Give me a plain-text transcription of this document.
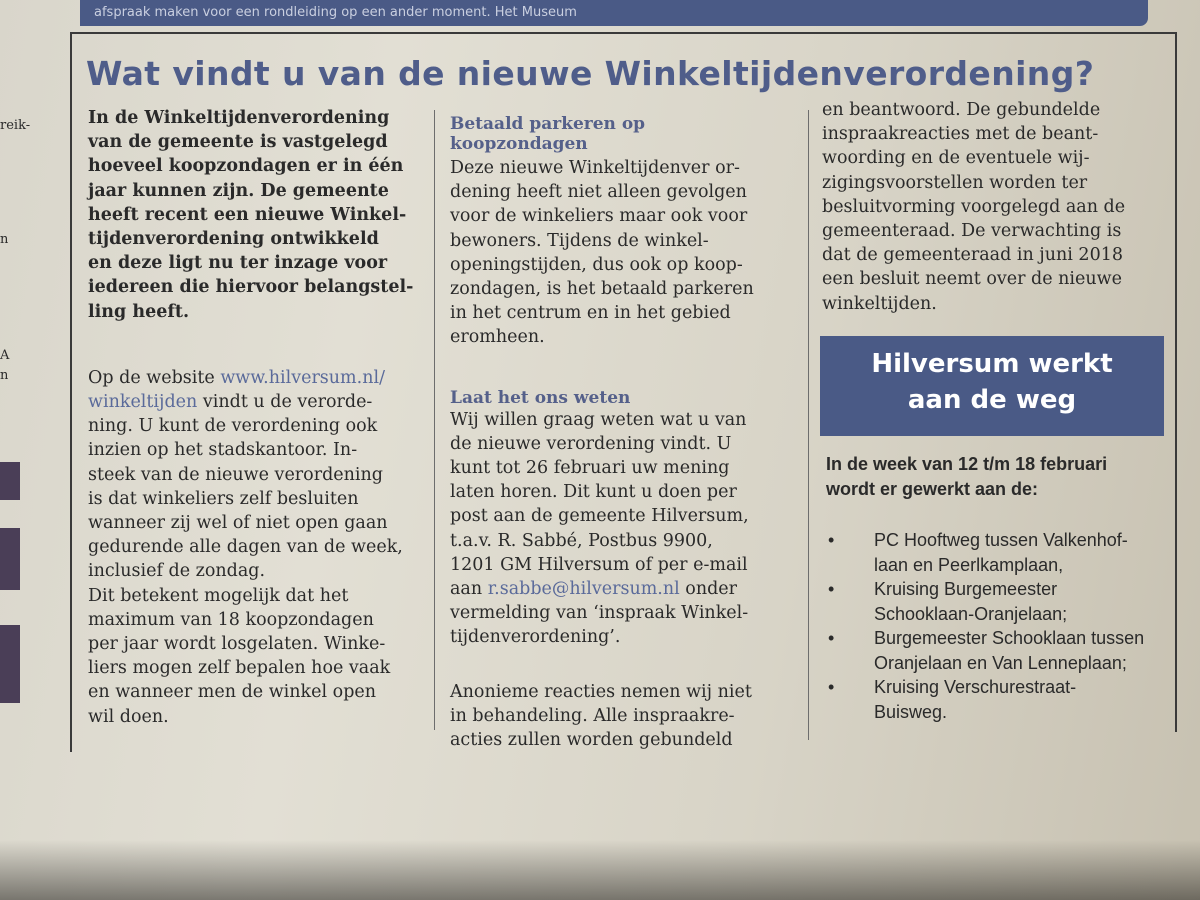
afspraak maken voor een rondleiding op een ander moment. Het Museum
reik-
n
A
n
Wat vindt u van de nieuwe Winkeltijdenverordening?

In de Winkeltijdenverordening

van de gemeente is vastgelegd

hoeveel koopzondagen er in één

jaar kunnen zijn. De gemeente

heeft recent een nieuwe Winkel-

tijdenverordening ontwikkeld

en deze ligt nu ter inzage voor

iedereen die hiervoor belangstel-

ling heeft.

Op de website www.hilversum.nl/

winkeltijden vindt u de verorde-

ning. U kunt de verordening ook

inzien op het stadskantoor. In-

steek van de nieuwe verordening

is dat winkeliers zelf besluiten

wanneer zij wel of niet open gaan

gedurende alle dagen van de week,

inclusief de zondag.

Dit betekent mogelijk dat het

maximum van 18 koopzondagen

per jaar wordt losgelaten. Winke-

liers mogen zelf bepalen hoe vaak

en wanneer men de winkel open

wil doen.

Betaald parkeren op

koopzondagen

Deze nieuwe Winkeltijdenver or-

dening heeft niet alleen gevolgen

voor de winkeliers maar ook voor

bewoners. Tijdens de winkel-

openingstijden, dus ook op koop-

zondagen, is het betaald parkeren

in het centrum en in het gebied

eromheen.

Laat het ons weten

Wij willen graag weten wat u van

de nieuwe verordening vindt. U

kunt tot 26 februari uw mening

laten horen. Dit kunt u doen per

post aan de gemeente Hilversum,

t.a.v. R. Sabbé, Postbus 9900,

1201 GM Hilversum of per e-mail

aan r.sabbe@hilversum.nl onder

vermelding van ‘inspraak Winkel-

tijdenverordening’.

Anonieme reacties nemen wij niet

in behandeling. Alle inspraakre-

acties zullen worden gebundeld

en beantwoord. De gebundelde

inspraakreacties met de beant-

woording en de eventuele wij-

zigingsvoorstellen worden ter

besluitvorming voorgelegd aan de

gemeenteraad. De verwachting is

dat de gemeenteraad in juni 2018

een besluit neemt over de nieuwe

winkeltijden.

Hilversum werkt
aan de weg

In de week van 12 t/m 18 februari
wordt er gewerkt aan de:

• PC Hooftweg tussen Valkenhof-
laan en Peerlkamplaan,
• Kruising Burgemeester
Schooklaan-Oranjelaan;
• Burgemeester Schooklaan tussen
Oranjelaan en Van Lenneplaan;
• Kruising Verschurestraat-
Buisweg.
